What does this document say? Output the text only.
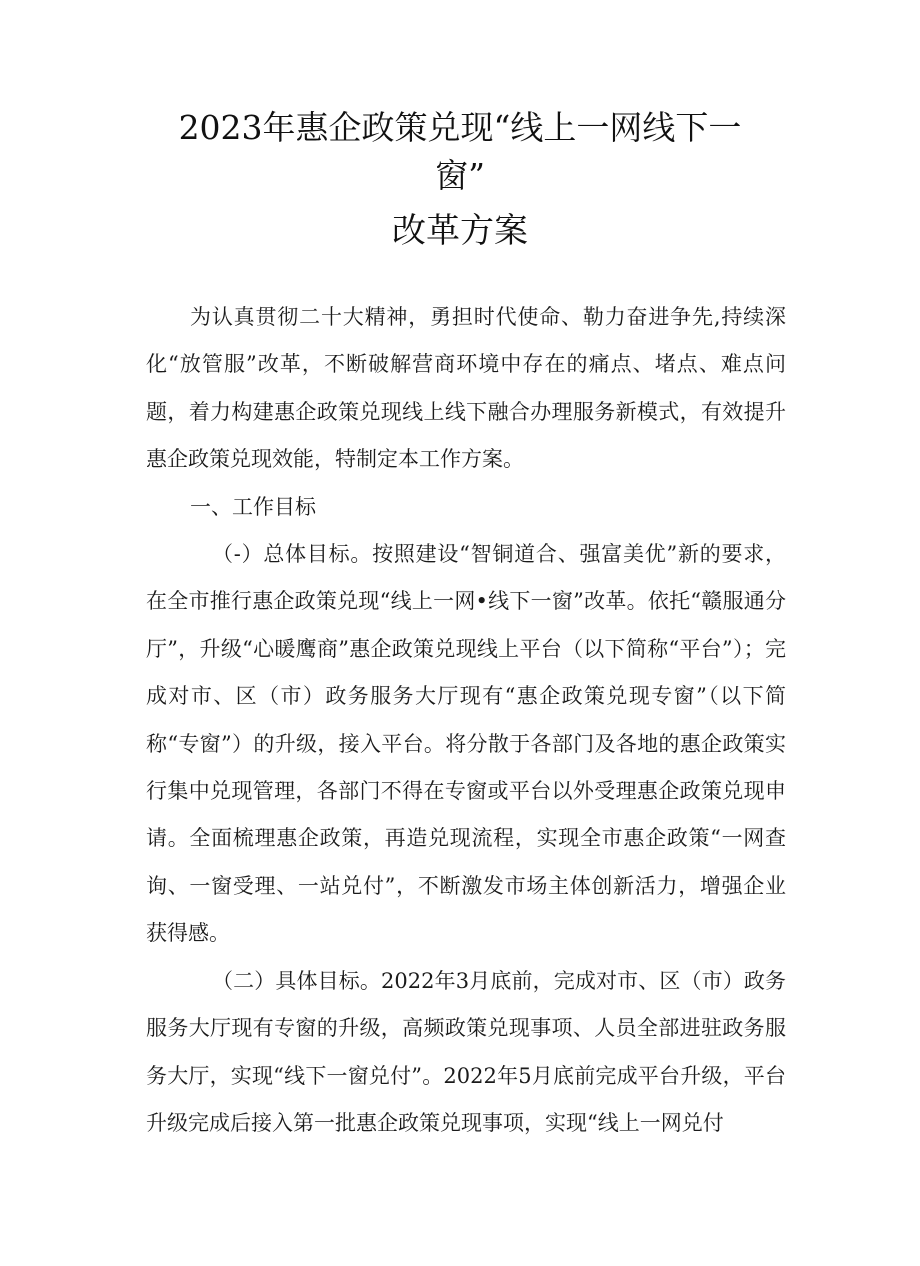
2023年惠企政策兑现“线上一网线下一
窗”
改革方案

为认真贯彻二十大精神，勇担时代使命、勒力奋进争先,持续深化“放管服”改革，不断破解营商环境中存在的痛点、堵点、难点问题，着力构建惠企政策兑现线上线下融合办理服务新模式，有效提升惠企政策兑现效能，特制定本工作方案。

一、工作目标

（-）总体目标。按照建设“智铜道合、强富美优”新的要求，在全市推行惠企政策兑现“线上一网•线下一窗”改革。依托“赣服通分厅”，升级“心暖鹰商”惠企政策兑现线上平台（以下简称“平台”）；完成对市、区（市）政务服务大厅现有“惠企政策兑现专窗”（以下简称“专窗”）的升级，接入平台。将分散于各部门及各地的惠企政策实行集中兑现管理，各部门不得在专窗或平台以外受理惠企政策兑现申请。全面梳理惠企政策，再造兑现流程，实现全市惠企政策“一网查询、一窗受理、一站兑付”，不断激发市场主体创新活力，增强企业获得感。

（二）具体目标。2022年3月底前，完成对市、区（市）政务服务大厅现有专窗的升级，高频政策兑现事项、人员全部进驻政务服务大厅，实现“线下一窗兑付”。2022年5月底前完成平台升级，平台升级完成后接入第一批惠企政策兑现事项，实现“线上一网兑付
